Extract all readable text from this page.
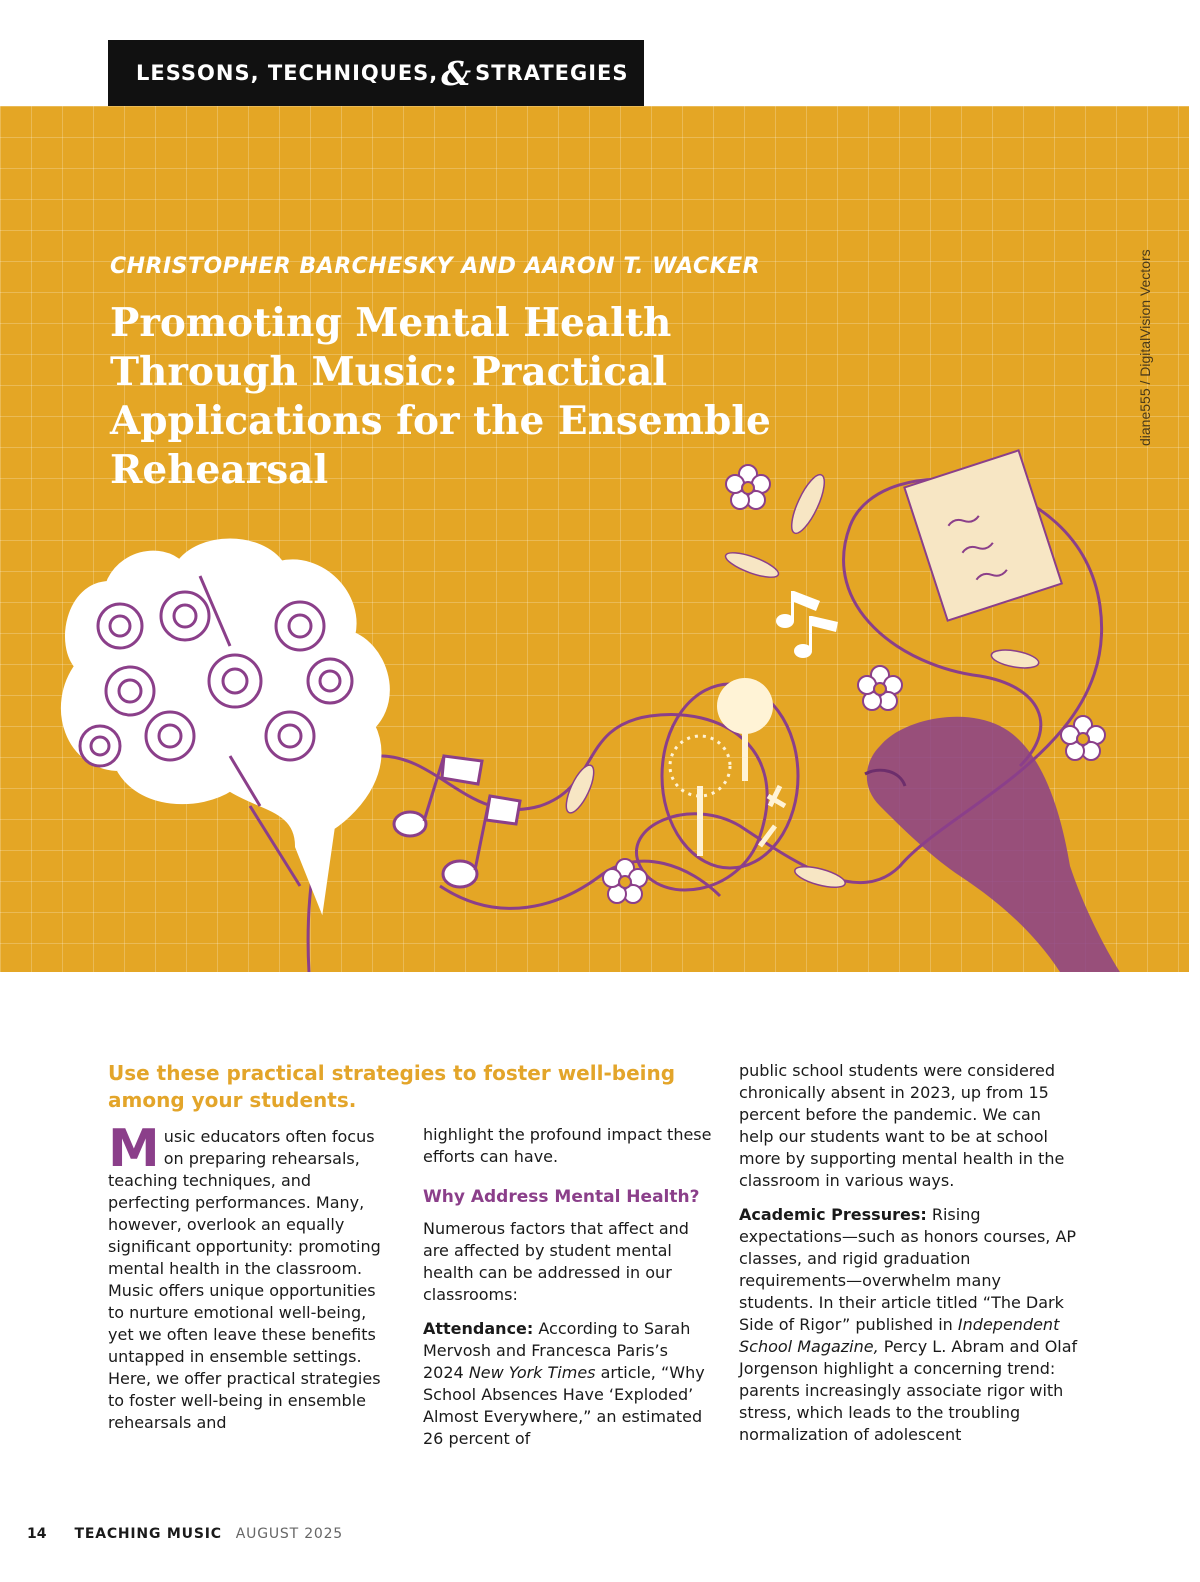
LESSONS, TECHNIQUES, & STRATEGIES

CHRISTOPHER BARCHESKY AND AARON T. WACKER

Promoting Mental Health Through Music: Practical Applications for the Ensemble Rehearsal
diane555 / DigitalVision Vectors

Use these practical strategies to foster well-being among your students.

Music educators often focus on preparing rehearsals, teaching techniques, and perfecting performances. Many, however, overlook an equally significant opportunity: promoting mental health in the classroom. Music offers unique opportunities to nurture emotional well-being, yet we often leave these benefits untapped in ensemble settings. Here, we offer practical strategies to foster well-being in ensemble rehearsals and

highlight the profound impact these efforts can have.

Why Address Mental Health?

Numerous factors that affect and are affected by student mental health can be addressed in our classrooms:

Attendance: According to Sarah Mervosh and Francesca Paris’s 2024 New York Times article, “Why School Absences Have ‘Exploded’ Almost Everywhere,” an estimated 26 percent of

public school students were considered chronically absent in 2023, up from 15 percent before the pandemic. We can help our students want to be at school more by supporting mental health in the classroom in various ways.

Academic Pressures: Rising expectations—such as honors courses, AP classes, and rigid graduation requirements—overwhelm many students. In their article titled “The Dark Side of Rigor” published in Independent School Magazine, Percy L. Abram and Olaf Jorgenson highlight a concerning trend: parents increasingly associate rigor with stress, which leads to the troubling normalization of adolescent

14 TEACHING MUSIC AUGUST 2025
